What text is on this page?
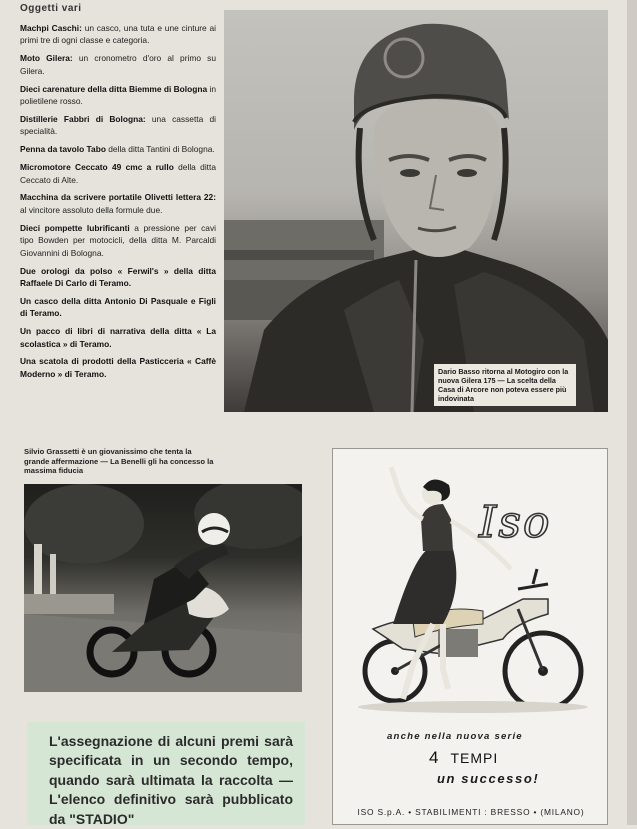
Oggetti vari

Machpi Caschi: un casco, una tuta e une cinture ai primi tre di ogni classe e categoria.

Moto Gilera: un cronometro d'oro al primo su Gilera.

Dieci carenature della ditta Biemme di Bologna in polietilene rosso.

Distillerie Fabbri di Bologna: una cassetta di specialità.

Penna da tavolo Tabo della ditta Tantini di Bologna.

Micromotore Ceccato 49 cmc a rullo della ditta Ceccato di Alte.

Macchina da scrivere portatile Olivetti lettera 22: al vincitore assoluto della formule due.

Dieci pompette lubrificanti a pressione per cavi tipo Bowden per motocicli, della ditta M. Parcaldi Giovannini di Bologna.

Due orologi da polso « Ferwil's » della ditta Raffaele Di Carlo di Teramo.

Un casco della ditta Antonio Di Pasquale e Figli di Teramo.

Un pacco di libri di narrativa della ditta « La scolastica » di Teramo.

Una scatola di prodotti della Pasticceria « Caffè Moderno » di Teramo.	Dario Basso ritorna al Motogiro con la nuova Gilera 175 — La scelta della Casa di Arcore non poteva essere più indovinata
Silvio Grassetti è un giovanissimo che tenta la grande affermazione — La Benelli gli ha concesso la massima fiducia
L'assegnazione di alcuni premi sarà specificata in un secondo tempo, quando sarà ultimata la raccolta — L'elenco definitivo sarà pubblicato da "STADIO"
Iso
anche nella nuova serie
4 TEMPI
un successo!
ISO S.p.A. • STABILIMENTI : BRESSO • (MILANO)
